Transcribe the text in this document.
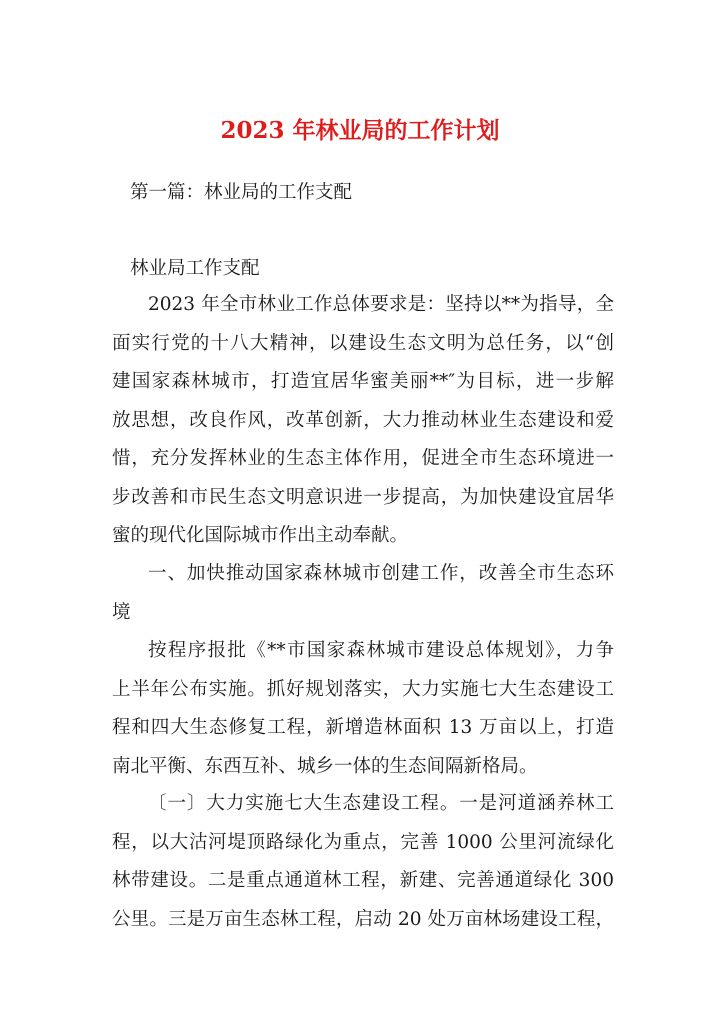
2023 年林业局的工作计划
第一篇：林业局的工作支配
林业局工作支配
2023 年全市林业工作总体要求是：坚持以**为指导，全
面实行党的十八大精神，以建设生态文明为总任务，以“创
建国家森林城市，打造宜居华蜜美丽**″为目标，进一步解
放思想，改良作风，改革创新，大力推动林业生态建设和爱
惜，充分发挥林业的生态主体作用，促进全市生态环境进一
步改善和市民生态文明意识进一步提高，为加快建设宜居华
蜜的现代化国际城市作出主动奉献。
一、加快推动国家森林城市创建工作，改善全市生态环
境
按程序报批《**市国家森林城市建设总体规划》，力争
上半年公布实施。抓好规划落实，大力实施七大生态建设工
程和四大生态修复工程，新增造林面积 13 万亩以上，打造
南北平衡、东西互补、城乡一体的生态间隔新格局。
〔一〕大力实施七大生态建设工程。一是河道涵养林工
程，以大沽河堤顶路绿化为重点，完善 1000 公里河流绿化
林带建设。二是重点通道林工程，新建、完善通道绿化 300
公里。三是万亩生态林工程，启动 20 处万亩林场建设工程，
